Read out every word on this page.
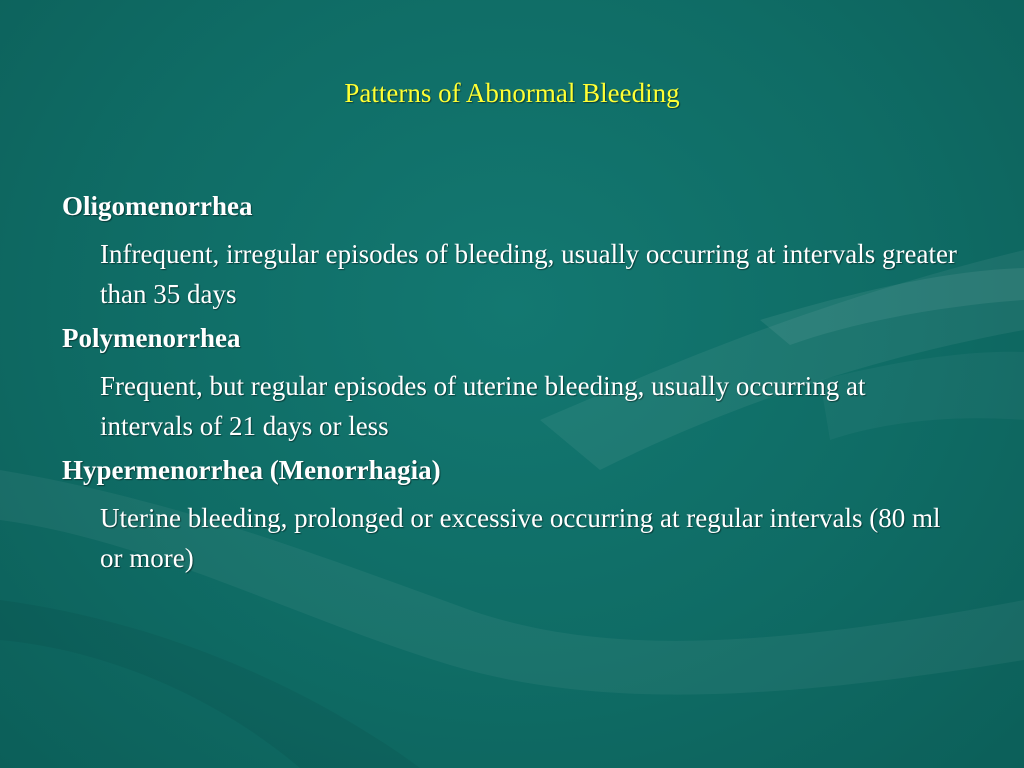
Patterns of Abnormal Bleeding
Oligomenorrhea
Infrequent, irregular episodes of bleeding, usually occurring at intervals greater than 35 days
Polymenorrhea
Frequent, but regular episodes of uterine bleeding, usually occurring at intervals of 21 days or less
Hypermenorrhea (Menorrhagia)
Uterine bleeding, prolonged or excessive occurring at regular intervals (80 ml or more)
